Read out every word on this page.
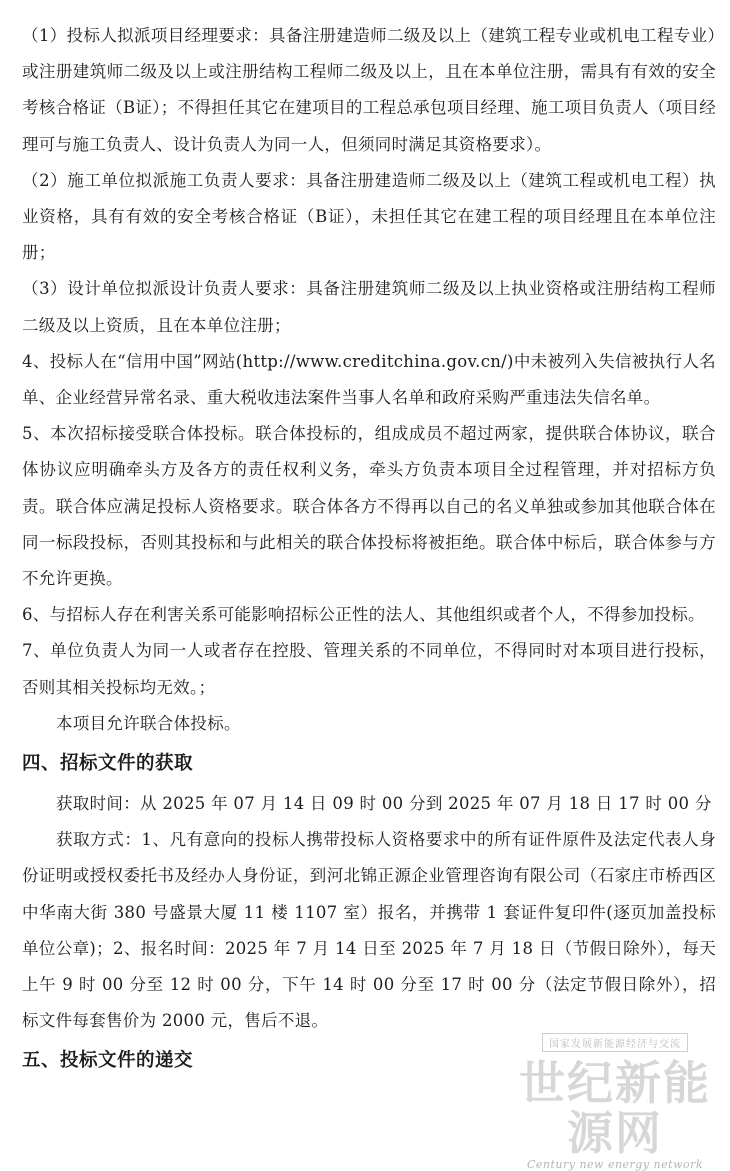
（1）投标人拟派项目经理要求：具备注册建造师二级及以上（建筑工程专业或机电工程专业）或注册建筑师二级及以上或注册结构工程师二级及以上，且在本单位注册，需具有有效的安全考核合格证（B证）；不得担任其它在建项目的工程总承包项目经理、施工项目负责人（项目经理可与施工负责人、设计负责人为同一人，但须同时满足其资格要求）。

（2）施工单位拟派施工负责人要求：具备注册建造师二级及以上（建筑工程或机电工程）执业资格，具有有效的安全考核合格证（B证），未担任其它在建工程的项目经理且在本单位注册；

（3）设计单位拟派设计负责人要求：具备注册建筑师二级及以上执业资格或注册结构工程师二级及以上资质，且在本单位注册；

4、投标人在“信用中国”网站(http://www.creditchina.gov.cn/)中未被列入失信被执行人名单、企业经营异常名录、重大税收违法案件当事人名单和政府采购严重违法失信名单。

5、本次招标接受联合体投标。联合体投标的，组成成员不超过两家，提供联合体协议，联合体协议应明确牵头方及各方的责任权利义务，牵头方负责本项目全过程管理，并对招标方负责。联合体应满足投标人资格要求。联合体各方不得再以自己的名义单独或参加其他联合体在同一标段投标，否则其投标和与此相关的联合体投标将被拒绝。联合体中标后，联合体参与方不允许更换。

6、与招标人存在利害关系可能影响招标公正性的法人、其他组织或者个人，不得参加投标。

7、单位负责人为同一人或者存在控股、管理关系的不同单位，不得同时对本项目进行投标，否则其相关投标均无效。；

本项目允许联合体投标。

四、招标文件的获取

获取时间：从 2025 年 07 月 14 日 09 时 00 分到 2025 年 07 月 18 日 17 时 00 分

获取方式：1、凡有意向的投标人携带投标人资格要求中的所有证件原件及法定代表人身份证明或授权委托书及经办人身份证，到河北锦正源企业管理咨询有限公司（石家庄市桥西区中华南大街 380 号盛景大厦 11 楼 1107 室）报名，并携带 1 套证件复印件(逐页加盖投标单位公章)；2、报名时间：2025 年 7 月 14 日至 2025 年 7 月 18 日（节假日除外），每天上午 9 时 00 分至 12 时 00 分，下午 14 时 00 分至 17 时 00 分（法定节假日除外），招标文件每套售价为 2000 元，售后不退。

五、投标文件的递交
国家发展新能源经济与交流
世纪新能源网
Century new energy network
